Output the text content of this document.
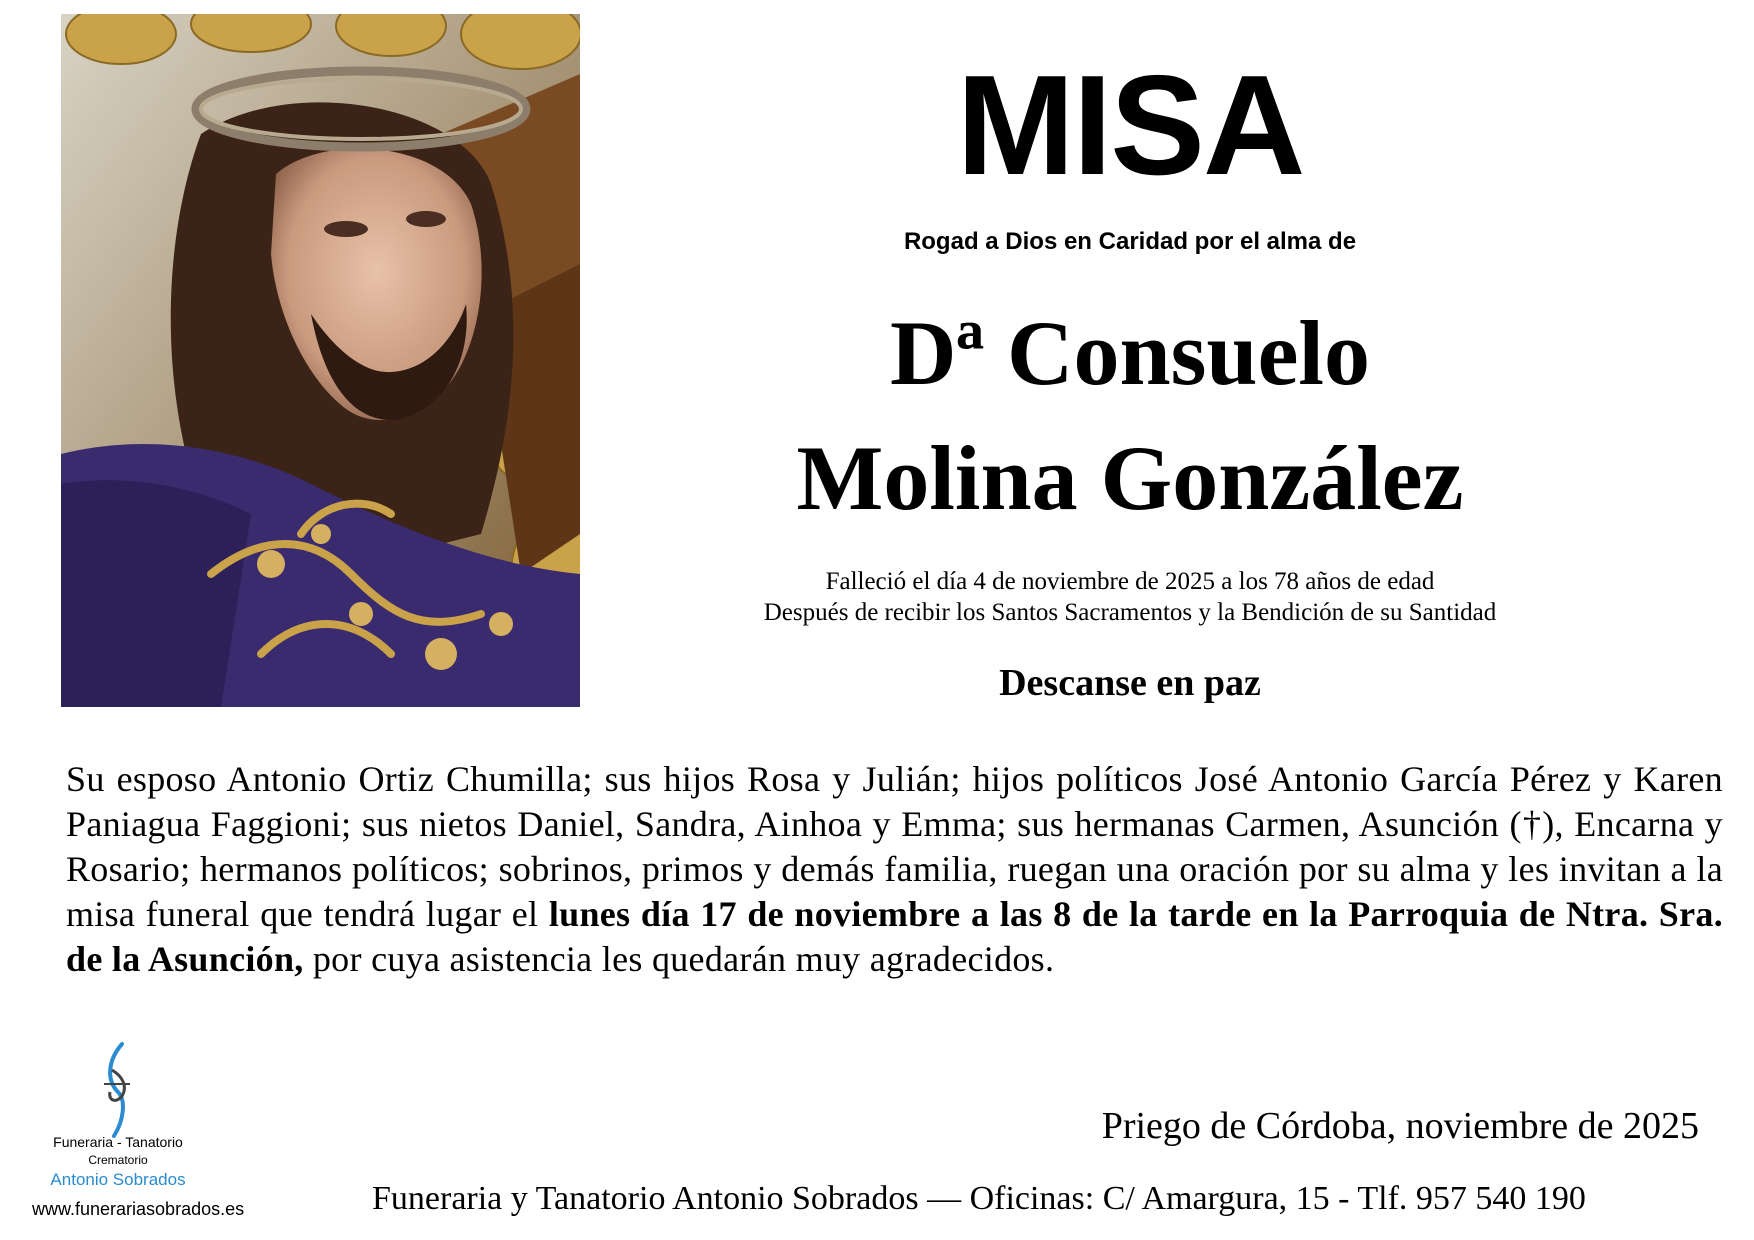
MISA
Rogad a Dios en Caridad por el alma de
Dª Consuelo
Molina González
Falleció el día 4 de noviembre de 2025 a los 78 años de edad
Después de recibir los Santos Sacramentos y la Bendición de su Santidad
Descanse en paz
Su esposo Antonio Ortiz Chumilla; sus hijos Rosa y Julián; hijos políticos José Antonio García Pérez y Karen Paniagua Faggioni; sus nietos Daniel, Sandra, Ainhoa y Emma; sus hermanas Carmen, Asunción (†), Encarna y Rosario; hermanos políticos; sobrinos, primos y demás familia, ruegan una oración por su alma y les invitan a la misa funeral que tendrá lugar el lunes día 17 de noviembre a las 8 de la tarde en la Parroquia de Ntra. Sra. de la Asunción, por cuya asistencia les quedarán muy agradecidos.
Priego de Córdoba, noviembre de 2025
Funeraria y Tanatorio Antonio Sobrados — Oficinas: C/ Amargura, 15 - Tlf. 957 540 190
Funeraria - Tanatorio
Crematorio
Antonio Sobrados
www.funerariasobrados.es
